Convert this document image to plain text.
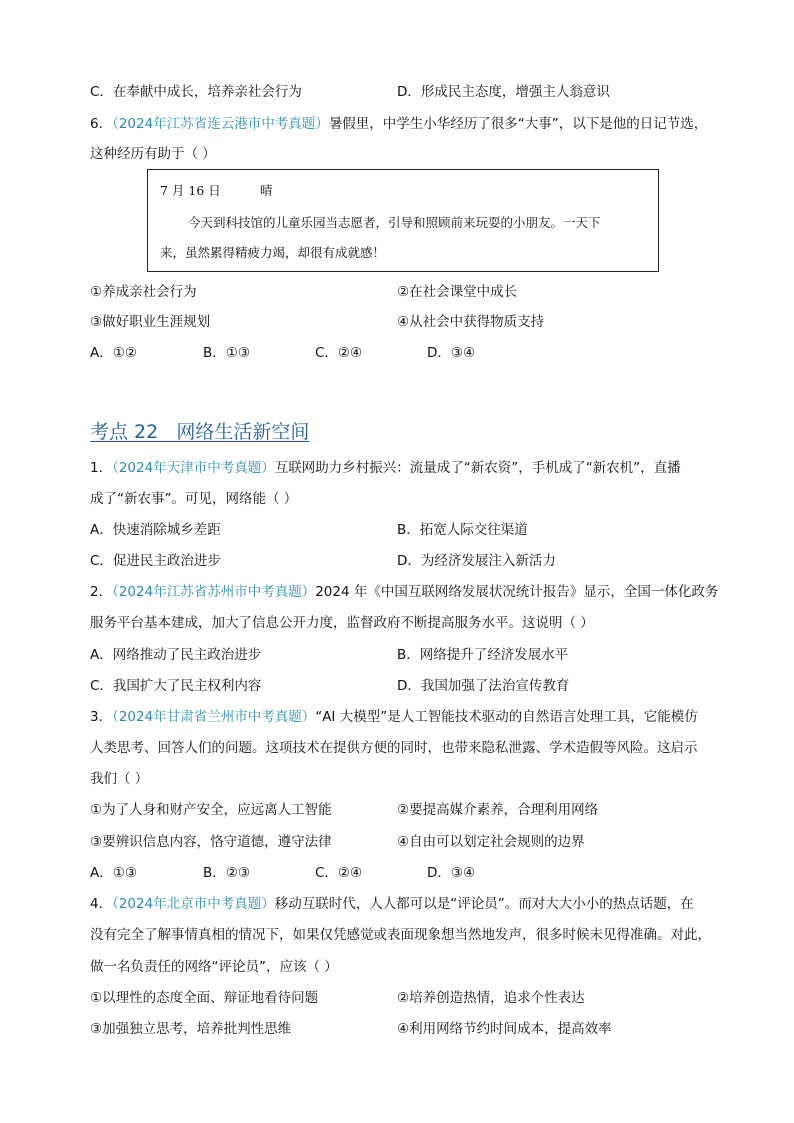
C．在奉献中成长，培养亲社会行为	D．形成民主态度，增强主人翁意识
6．（2024年江苏省连云港市中考真题）暑假里，中学生小华经历了很多“大事”，以下是他的日记节选，
这种经历有助于（ ）
7 月 16 日	晴
今天到科技馆的儿童乐园当志愿者，引导和照顾前来玩耍的小朋友。一天下
来，虽然累得精疲力竭，却很有成就感！
①养成亲社会行为	②在社会课堂中成长
③做好职业生涯规划	④从社会中获得物质支持
A．①②	B．①③	C．②④	D．③④
考点 22   网络生活新空间
1．（2024年天津市中考真题）互联网助力乡村振兴：流量成了“新农资”，手机成了“新农机”，直播
成了“新农事”。可见，网络能（ ）
A．快速消除城乡差距	B．拓宽人际交往渠道
C．促进民主政治进步	D．为经济发展注入新活力
2．（2024年江苏省苏州市中考真题）2024 年《中国互联网络发展状况统计报告》显示，全国一体化政务
服务平台基本建成，加大了信息公开力度，监督政府不断提高服务水平。这说明（ ）
A．网络推动了民主政治进步	B．网络提升了经济发展水平
C．我国扩大了民主权利内容	D．我国加强了法治宣传教育
3．（2024年甘肃省兰州市中考真题）“AI 大模型”是人工智能技术驱动的自然语言处理工具，它能模仿
人类思考、回答人们的问题。这项技术在提供方便的同时，也带来隐私泄露、学术造假等风险。这启示
我们（ ）
①为了人身和财产安全，应远离人工智能	②要提高媒介素养，合理利用网络
③要辨识信息内容，恪守道德，遵守法律	④自由可以划定社会规则的边界
A．①③	B．②③	C．②④	D．③④
4．（2024年北京市中考真题）移动互联时代，人人都可以是“评论员”。而对大大小小的热点话题，在
没有完全了解事情真相的情况下，如果仅凭感觉或表面现象想当然地发声，很多时候未见得准确。对此，
做一名负责任的网络“评论员”，应该（ ）
①以理性的态度全面、辩证地看待问题	②培养创造热情，追求个性表达
③加强独立思考，培养批判性思维	④利用网络节约时间成本，提高效率
